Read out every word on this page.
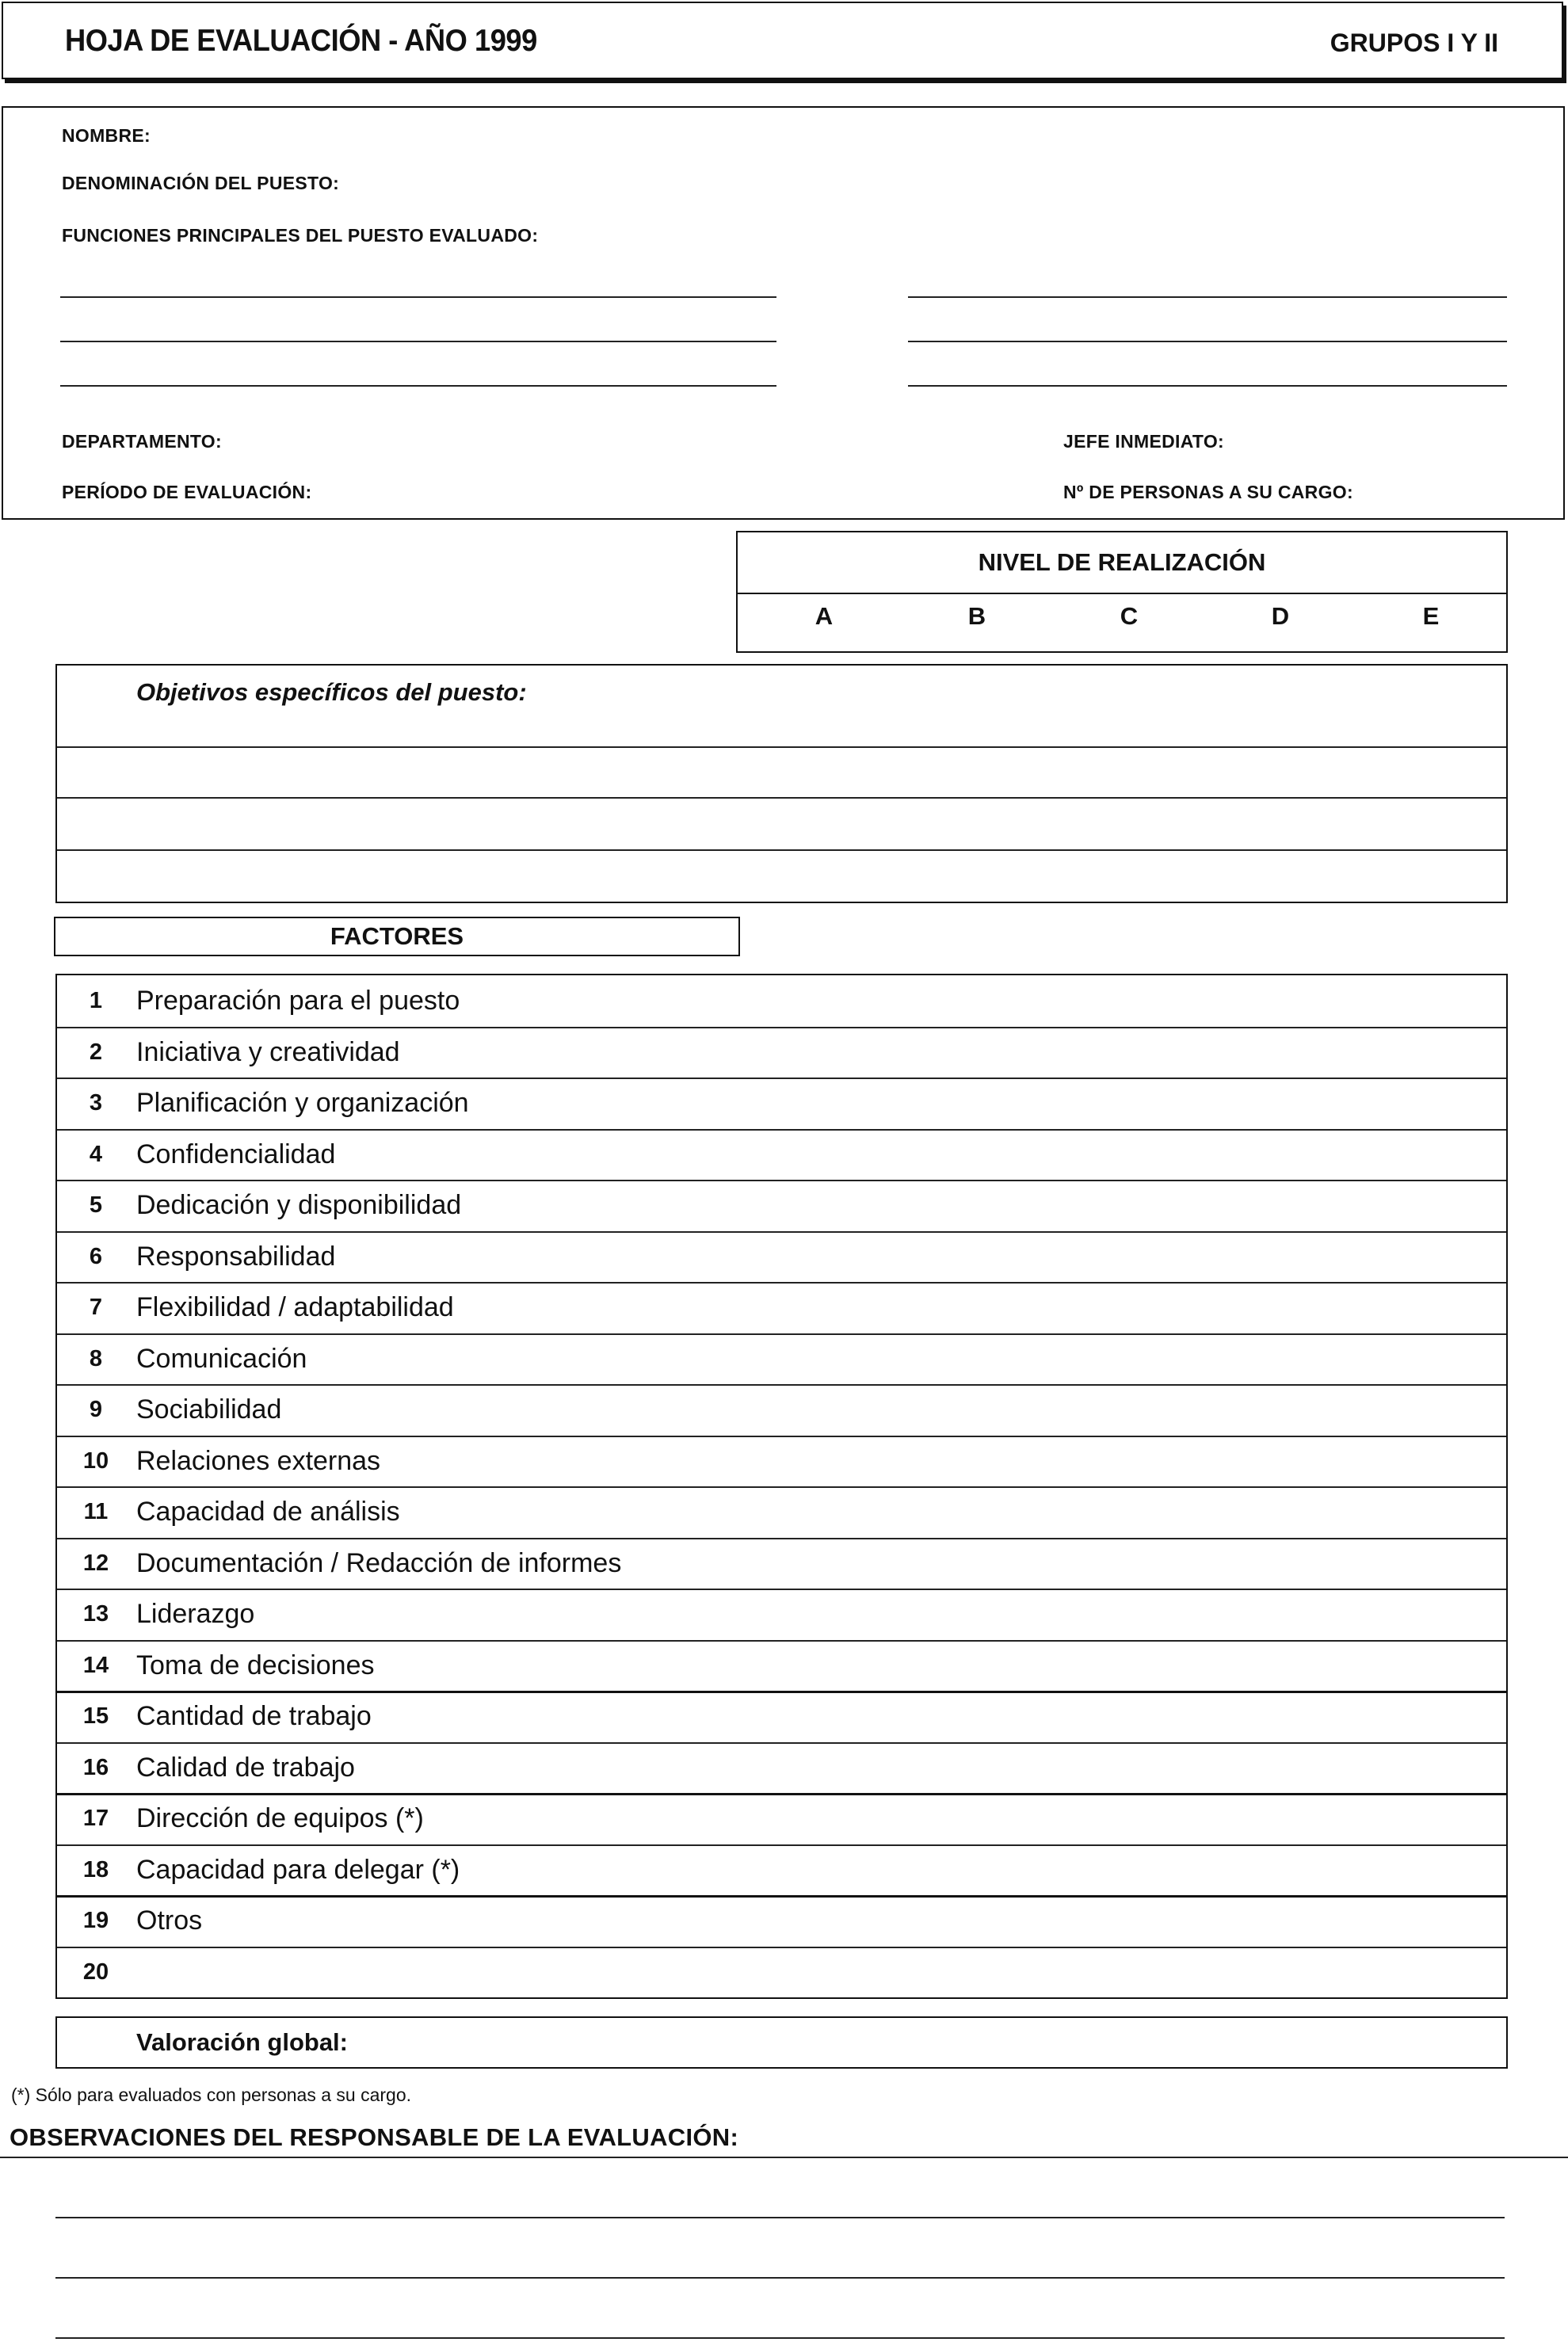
HOJA DE EVALUACIÓN - AÑO 1999	GRUPOS I Y II
NOMBRE:
DENOMINACIÓN DEL PUESTO:
FUNCIONES PRINCIPALES DEL PUESTO EVALUADO:
DEPARTAMENTO:	JEFE INMEDIATO:
PERÍODO DE EVALUACIÓN:	Nº DE PERSONAS A SU CARGO:
NIVEL DE REALIZACIÓN
A	B	C	D	E
Objetivos específicos del puesto:
FACTORES
1	Preparación para el puesto
2	Iniciativa y creatividad
3	Planificación y organización
4	Confidencialidad
5	Dedicación y disponibilidad
6	Responsabilidad
7	Flexibilidad / adaptabilidad
8	Comunicación
9	Sociabilidad
10	Relaciones externas
11	Capacidad de análisis
12	Documentación / Redacción de informes
13	Liderazgo
14	Toma de decisiones
15	Cantidad de trabajo
16	Calidad de trabajo
17	Dirección de equipos (*)
18	Capacidad para delegar (*)
19	Otros
20
Valoración global:
(*) Sólo para evaluados con personas a su cargo.
OBSERVACIONES DEL RESPONSABLE DE LA EVALUACIÓN:
